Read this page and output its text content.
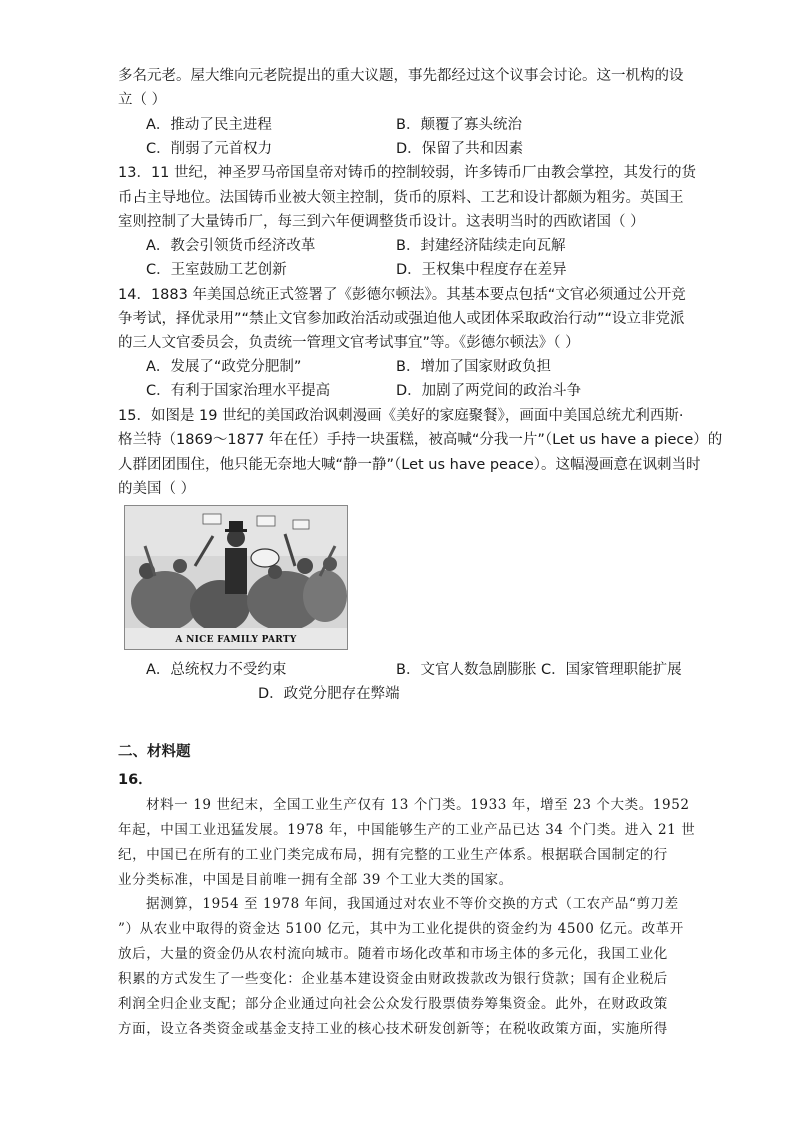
多名元老。屋大维向元老院提出的重大议题，事先都经过这个议事会讨论。这一机构的设
立（ ）
A．推动了民主进程	B．颠覆了寡头统治
C．削弱了元首权力	D．保留了共和因素
13．11 世纪，神圣罗马帝国皇帝对铸币的控制较弱，许多铸币厂由教会掌控，其发行的货
币占主导地位。法国铸币业被大领主控制，货币的原料、工艺和设计都颇为粗劣。英国王
室则控制了大量铸币厂，每三到六年便调整货币设计。这表明当时的西欧诸国（ ）
A．教会引领货币经济改革	B．封建经济陆续走向瓦解
C．王室鼓励工艺创新	D．王权集中程度存在差异
14．1883 年美国总统正式签署了《彭德尔顿法》。其基本要点包括“文官必须通过公开竞
争考试，择优录用”“禁止文官参加政治活动或强迫他人或团体采取政治行动”“设立非党派
的三人文官委员会，负责统一管理文官考试事宜”等。《彭德尔顿法》（ ）
A．发展了“政党分肥制”	B．增加了国家财政负担
C．有利于国家治理水平提高	D．加剧了两党间的政治斗争
15．如图是 19 世纪的美国政治讽刺漫画《美好的家庭聚餐》，画面中美国总统尤利西斯·
格兰特（1869～1877 年在任）手持一块蛋糕，被高喊“分我一片”（Let us have a piece）的
人群团团围住，他只能无奈地大喊“静一静”（Let us have peace）。这幅漫画意在讽刺当时
的美国（ ）
A NICE FAMILY PARTY
A．总统权力不受约束	B．文官人数急剧膨胀 C．国家管理职能扩展
D．政党分肥存在弊端
二、材料题
16．
材料一 19 世纪末，全国工业生产仅有 13 个门类。1933 年，增至 23 个大类。1952
年起，中国工业迅猛发展。1978 年，中国能够生产的工业产品已达 34 个门类。进入 21 世
纪，中国已在所有的工业门类完成布局，拥有完整的工业生产体系。根据联合国制定的行
业分类标准，中国是目前唯一拥有全部 39 个工业大类的国家。
据测算，1954 至 1978 年间，我国通过对农业不等价交换的方式（工农产品“剪刀差
”）从农业中取得的资金达 5100 亿元，其中为工业化提供的资金约为 4500 亿元。改革开
放后，大量的资金仍从农村流向城市。随着市场化改革和市场主体的多元化，我国工业化
积累的方式发生了一些变化：企业基本建设资金由财政拨款改为银行贷款；国有企业税后
利润全归企业支配；部分企业通过向社会公众发行股票债券筹集资金。此外，在财政政策
方面，设立各类资金或基金支持工业的核心技术研发创新等；在税收政策方面，实施所得
